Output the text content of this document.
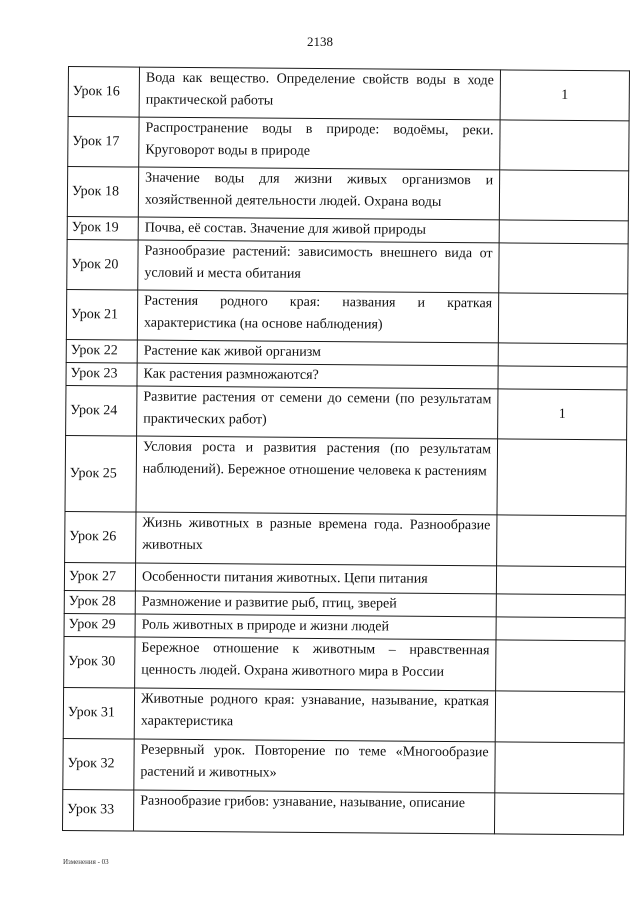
2138
Урок 16	Вода как вещество. Определение свойств воды в ходе практической работы	1
Урок 17	Распространение воды в природе: водоёмы, реки. Круговорот воды в природе	
Урок 18	Значение воды для жизни живых организмов и хозяйственной деятельности людей. Охрана воды	
Урок 19	Почва, её состав. Значение для живой природы	
Урок 20	Разнообразие растений: зависимость внешнего вида от условий и места обитания	
Урок 21	Растения родного края: названия и краткая характеристика (на основе наблюдения)	
Урок 22	Растение как живой организм	
Урок 23	Как растения размножаются?	
Урок 24	Развитие растения от семени до семени (по результатам практических работ)	1
Урок 25	Условия роста и развития растения (по результатам наблюдений). Бережное отношение человека к растениям	
Урок 26	Жизнь животных в разные времена года. Разнообразие животных	
Урок 27	Особенности питания животных. Цепи питания	
Урок 28	Размножение и развитие рыб, птиц, зверей	
Урок 29	Роль животных в природе и жизни людей	
Урок 30	Бережное отношение к животным – нравственная ценность людей. Охрана животного мира в России	
Урок 31	Животные родного края: узнавание, называние, краткая характеристика	
Урок 32	Резервный урок. Повторение по теме «Многообразие растений и животных»	
Урок 33	Разнообразие грибов: узнавание, называние, описание	
Изменения - 03
